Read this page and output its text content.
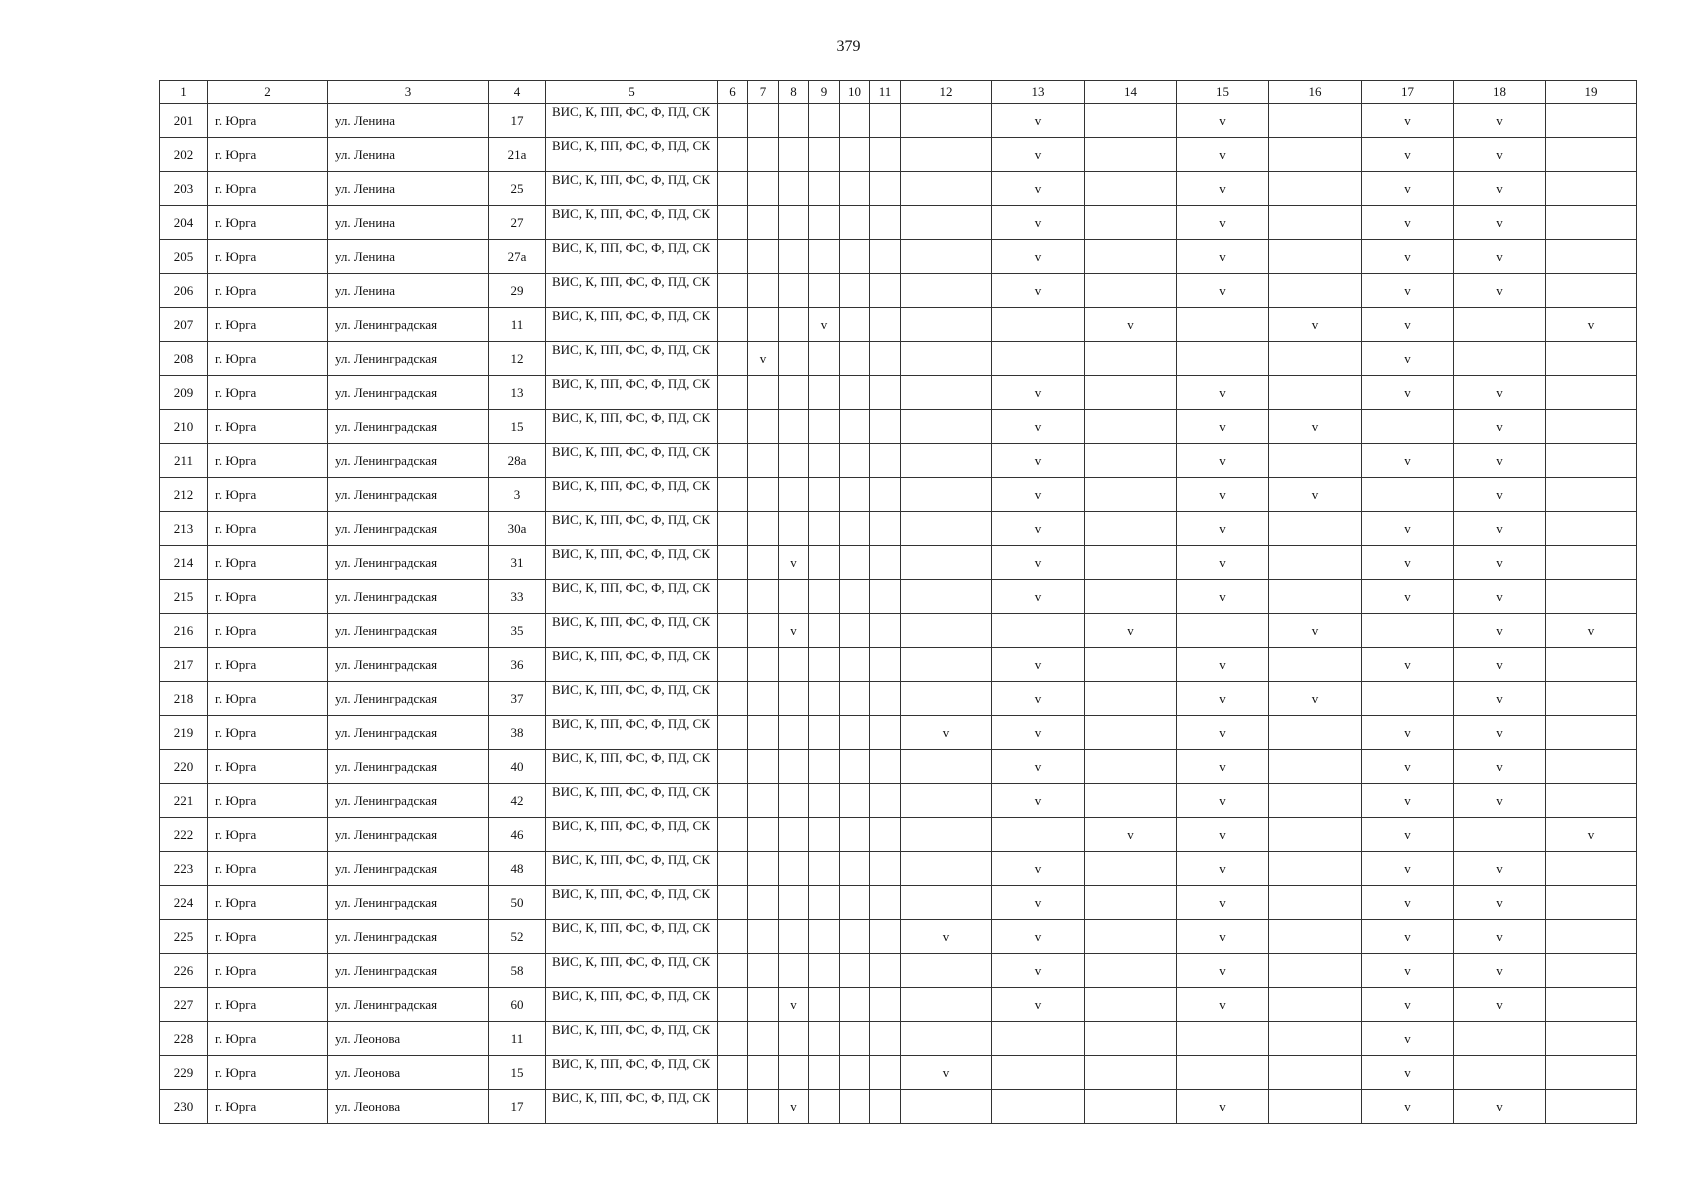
379
1	2	3	4	5	6	7	8	9	10	11	12	13	14	15	16	17	18	19
201	г. Юрга	ул. Ленина	17	ВИС, К, ПП, ФС, Ф, ПД, СК								v		v		v	v	
202	г. Юрга	ул. Ленина	21а	ВИС, К, ПП, ФС, Ф, ПД, СК								v		v		v	v	
203	г. Юрга	ул. Ленина	25	ВИС, К, ПП, ФС, Ф, ПД, СК								v		v		v	v	
204	г. Юрга	ул. Ленина	27	ВИС, К, ПП, ФС, Ф, ПД, СК								v		v		v	v	
205	г. Юрга	ул. Ленина	27а	ВИС, К, ПП, ФС, Ф, ПД, СК								v		v		v	v	
206	г. Юрга	ул. Ленина	29	ВИС, К, ПП, ФС, Ф, ПД, СК								v		v		v	v	
207	г. Юрга	ул. Ленинградская	11	ВИС, К, ПП, ФС, Ф, ПД, СК				v					v		v	v		v
208	г. Юрга	ул. Ленинградская	12	ВИС, К, ПП, ФС, Ф, ПД, СК		v										v		
209	г. Юрга	ул. Ленинградская	13	ВИС, К, ПП, ФС, Ф, ПД, СК								v		v		v	v	
210	г. Юрга	ул. Ленинградская	15	ВИС, К, ПП, ФС, Ф, ПД, СК								v		v	v		v	
211	г. Юрга	ул. Ленинградская	28а	ВИС, К, ПП, ФС, Ф, ПД, СК								v		v		v	v	
212	г. Юрга	ул. Ленинградская	3	ВИС, К, ПП, ФС, Ф, ПД, СК								v		v	v		v	
213	г. Юрга	ул. Ленинградская	30а	ВИС, К, ПП, ФС, Ф, ПД, СК								v		v		v	v	
214	г. Юрга	ул. Ленинградская	31	ВИС, К, ПП, ФС, Ф, ПД, СК			v					v		v		v	v	
215	г. Юрга	ул. Ленинградская	33	ВИС, К, ПП, ФС, Ф, ПД, СК								v		v		v	v	
216	г. Юрга	ул. Ленинградская	35	ВИС, К, ПП, ФС, Ф, ПД, СК			v						v		v		v	v
217	г. Юрга	ул. Ленинградская	36	ВИС, К, ПП, ФС, Ф, ПД, СК								v		v		v	v	
218	г. Юрга	ул. Ленинградская	37	ВИС, К, ПП, ФС, Ф, ПД, СК								v		v	v		v	
219	г. Юрга	ул. Ленинградская	38	ВИС, К, ПП, ФС, Ф, ПД, СК							v	v		v		v	v	
220	г. Юрга	ул. Ленинградская	40	ВИС, К, ПП, ФС, Ф, ПД, СК								v		v		v	v	
221	г. Юрга	ул. Ленинградская	42	ВИС, К, ПП, ФС, Ф, ПД, СК								v		v		v	v	
222	г. Юрга	ул. Ленинградская	46	ВИС, К, ПП, ФС, Ф, ПД, СК									v	v		v		v
223	г. Юрга	ул. Ленинградская	48	ВИС, К, ПП, ФС, Ф, ПД, СК								v		v		v	v	
224	г. Юрга	ул. Ленинградская	50	ВИС, К, ПП, ФС, Ф, ПД, СК								v		v		v	v	
225	г. Юрга	ул. Ленинградская	52	ВИС, К, ПП, ФС, Ф, ПД, СК							v	v		v		v	v	
226	г. Юрга	ул. Ленинградская	58	ВИС, К, ПП, ФС, Ф, ПД, СК								v		v		v	v	
227	г. Юрга	ул. Ленинградская	60	ВИС, К, ПП, ФС, Ф, ПД, СК			v					v		v		v	v	
228	г. Юрга	ул. Леонова	11	ВИС, К, ПП, ФС, Ф, ПД, СК												v		
229	г. Юрга	ул. Леонова	15	ВИС, К, ПП, ФС, Ф, ПД, СК							v					v		
230	г. Юрга	ул. Леонова	17	ВИС, К, ПП, ФС, Ф, ПД, СК			v							v		v	v	
